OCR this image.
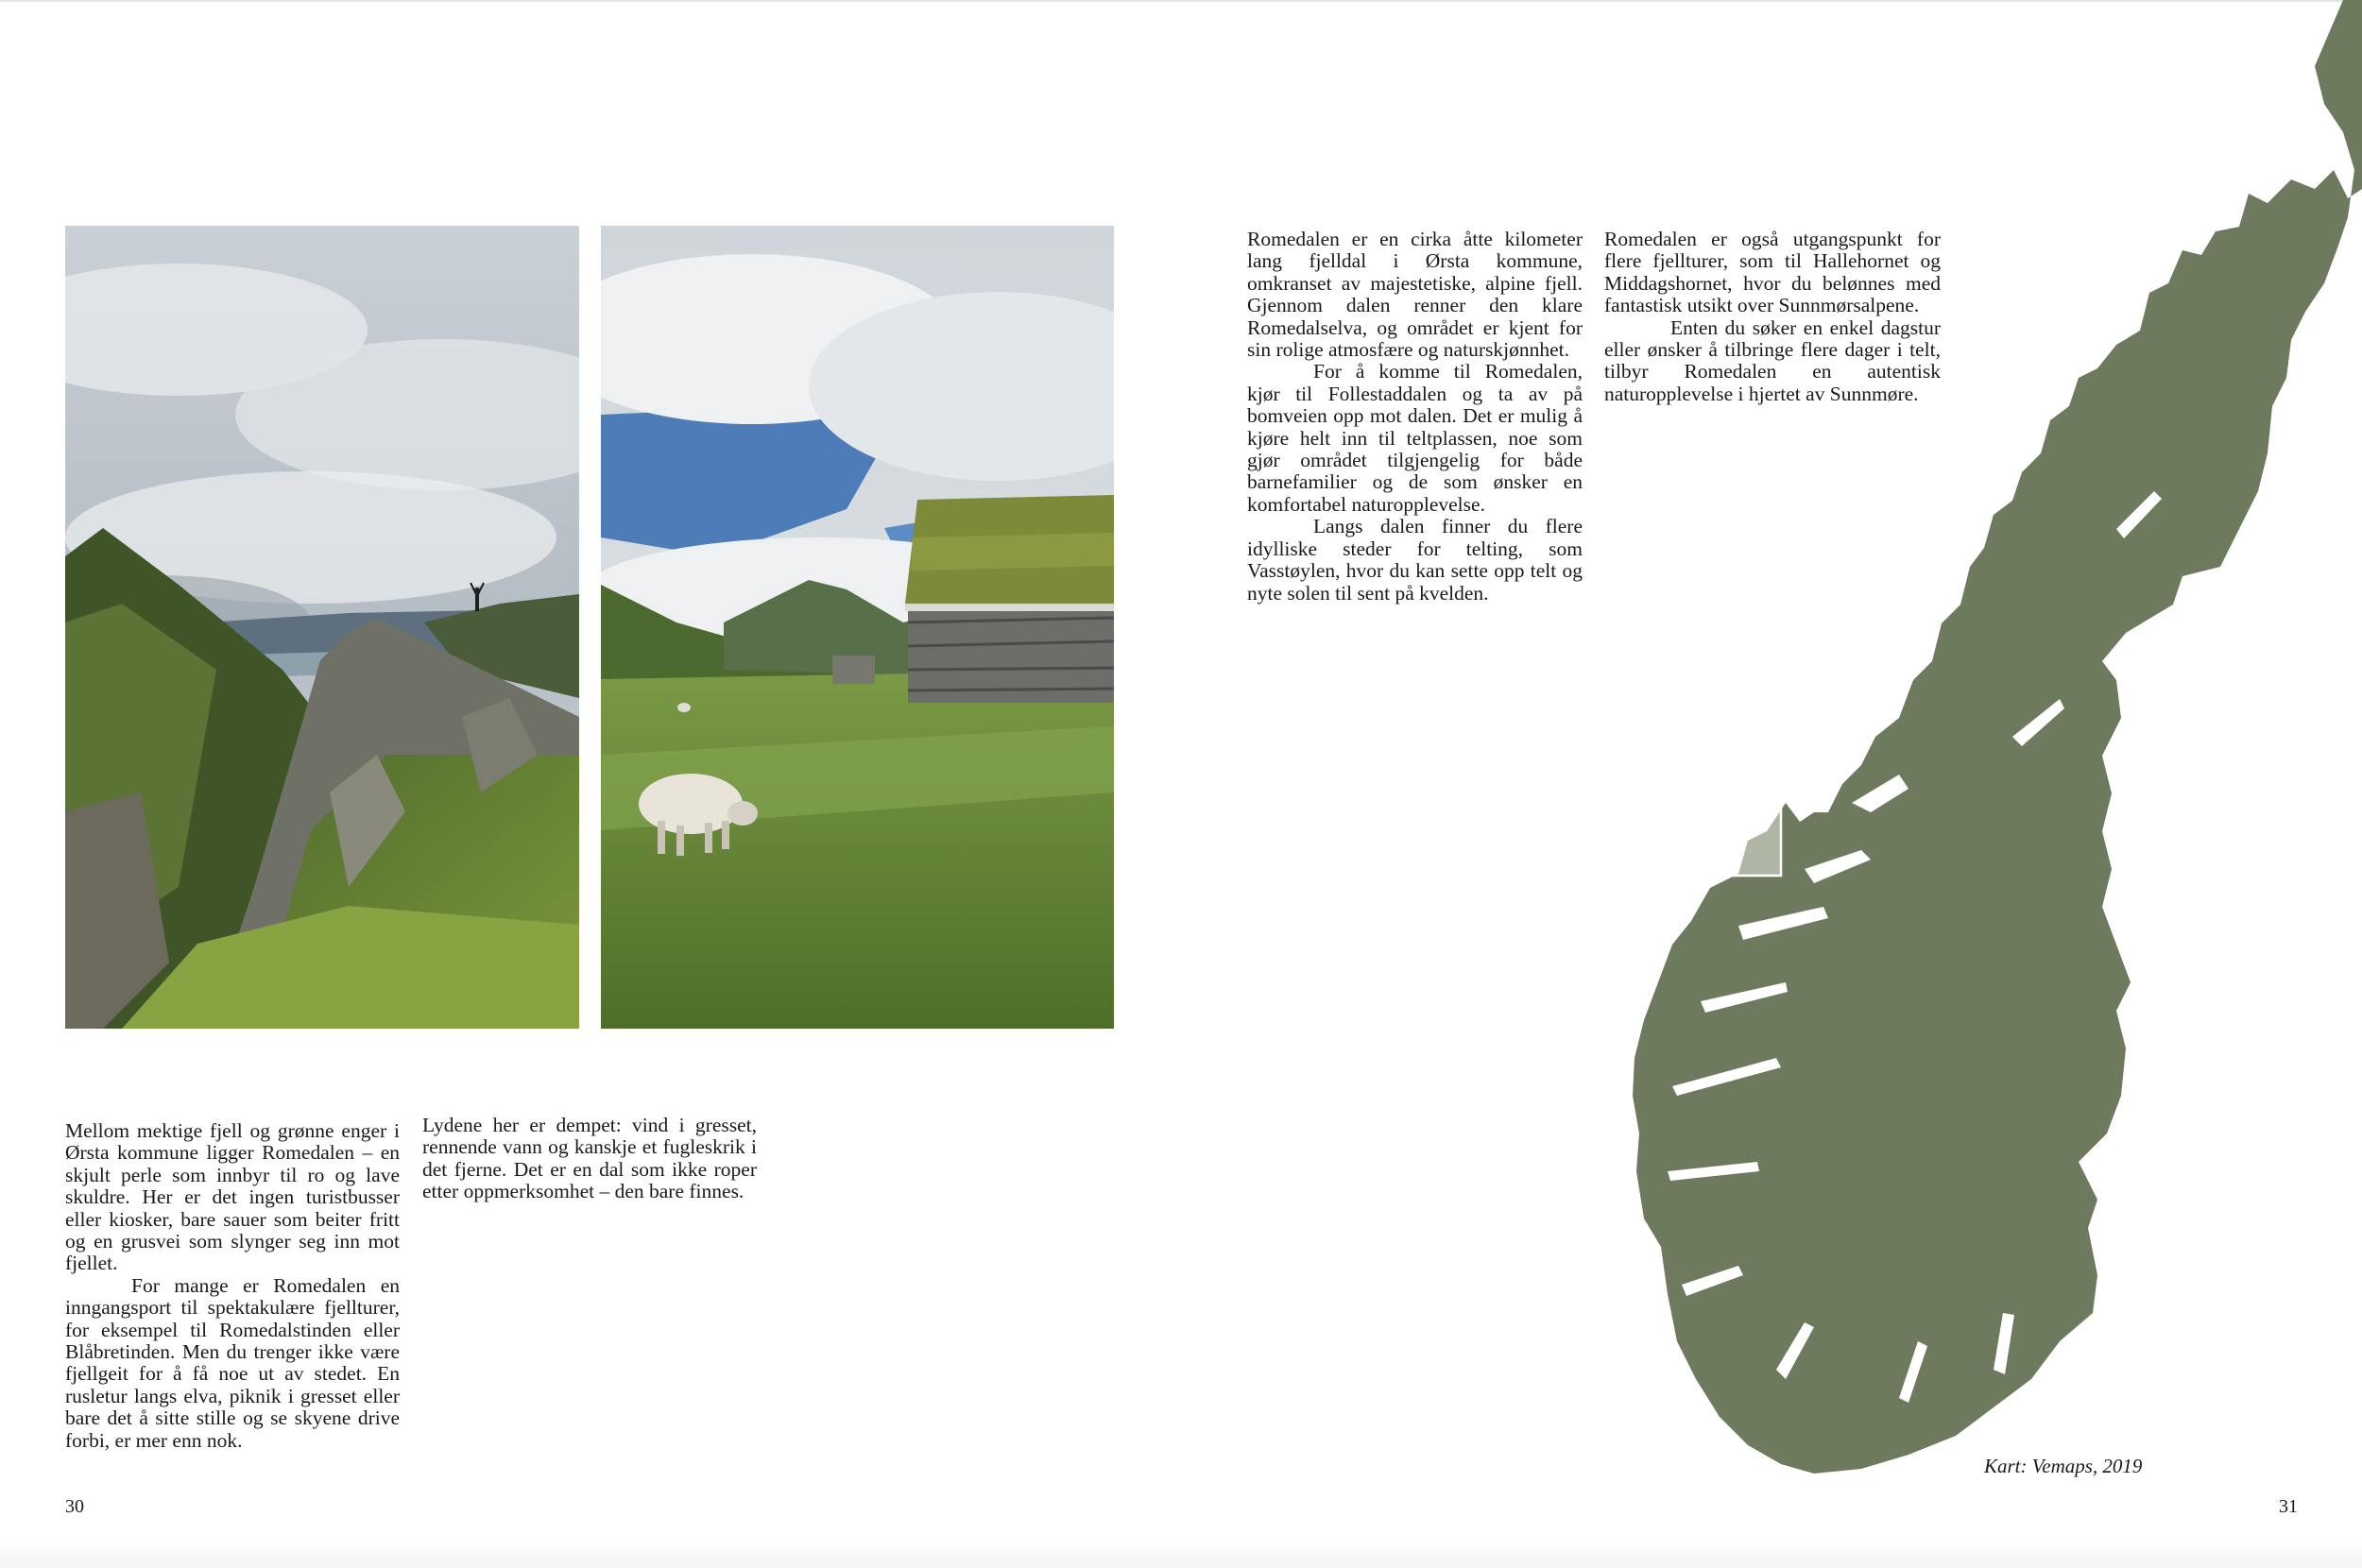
Mellom mektige fjell og grønne enger i Ørsta kommune ligger Romedalen – en skjult perle som innbyr til ro og lave skuldre. Her er det ingen turistbusser eller kiosker, bare sauer som beiter fritt og en grusvei som slynger seg inn mot fjellet.

For mange er Romedalen en inngangsport til spektakulære fjellturer, for eksempel til Romedalstinden eller Blåbretinden. Men du trenger ikke være fjellgeit for å få noe ut av stedet. En rusletur langs elva, piknik i gresset eller bare det å sitte stille og se skyene drive forbi, er mer enn nok.

Lydene her er dempet: vind i gresset, rennende vann og kanskje et fugleskrik i det fjerne. Det er en dal som ikke roper etter oppmerksomhet – den bare finnes.

Romedalen er en cirka åtte kilometer lang fjelldal i Ørsta kommune, omkranset av majestetiske, alpine fjell. Gjennom dalen renner den klare Romedalselva, og området er kjent for sin rolige atmosfære og naturskjønnhet.

For å komme til Romedalen, kjør til Follestaddalen og ta av på bomveien opp mot dalen. Det er mulig å kjøre helt inn til teltplassen, noe som gjør området tilgjengelig for både barnefamilier og de som ønsker en komfortabel naturopplevelse.

Langs dalen finner du flere idylliske steder for telting, som Vasstøylen, hvor du kan sette opp telt og nyte solen til sent på kvelden.

Romedalen er også utgangspunkt for flere fjellturer, som til Hallehornet og Middagshornet, hvor du belønnes med fantastisk utsikt over Sunnmørsalpene.

Enten du søker en enkel dagstur eller ønsker å tilbringe flere dager i telt, tilbyr Romedalen en autentisk naturopplevelse i hjertet av Sunnmøre.

Kart: Vemaps, 2019
30	31
